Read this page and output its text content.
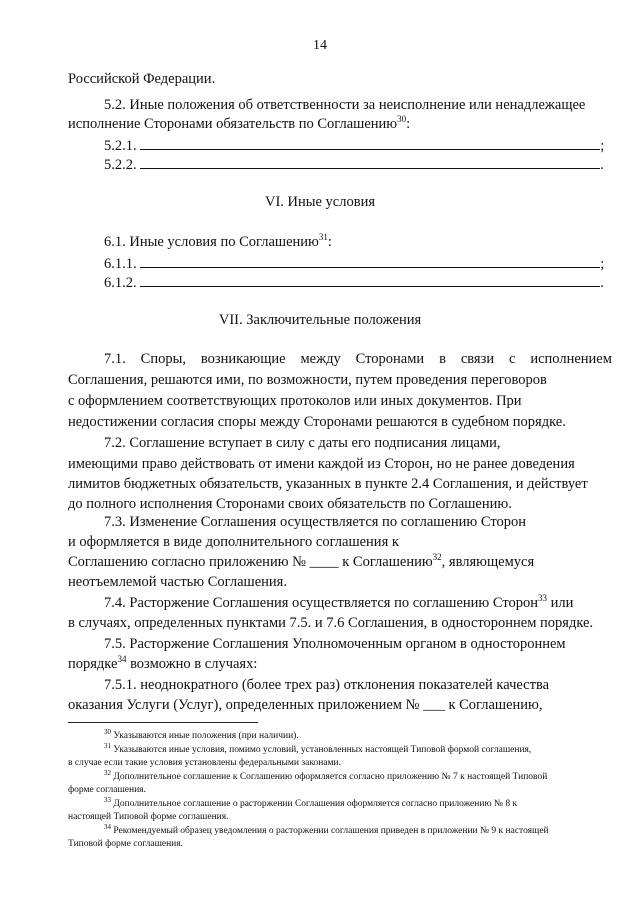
14
Российской Федерации.
5.2. Иные положения об ответственности за неисполнение или ненадлежащее
исполнение Сторонами обязательств по Соглашению$^{30}$:
5.2.1.	;
5.2.2.	.
VI. Иные условия
6.1. Иные условия по Соглашению$^{31}$:
6.1.1.	;
6.1.2.	.
VII. Заключительные положения
7.1. Споры, возникающие между Сторонами в связи с исполнением
Соглашения, решаются ими, по возможности, путем проведения переговоров
с оформлением соответствующих протоколов или иных документов. При
недостижении согласия споры между Сторонами решаются в судебном порядке.
7.2. Соглашение вступает в силу с даты его подписания лицами,
имеющими право действовать от имени каждой из Сторон, но не ранее доведения
лимитов бюджетных обязательств, указанных в пункте 2.4 Соглашения, и действует
до полного исполнения Сторонами своих обязательств по Соглашению.
7.3. Изменение Соглашения осуществляется по соглашению Сторон
и оформляется в виде дополнительного соглашения к
Соглашению согласно приложению № ____ к Соглашению$^{32}$, являющемуся
неотъемлемой частью Соглашения.
7.4. Расторжение Соглашения осуществляется по соглашению Сторон$^{33}$ или
в случаях, определенных пунктами 7.5. и 7.6 Соглашения, в одностороннем порядке.
7.5. Расторжение Соглашения Уполномоченным органом в одностороннем
порядке$^{34}$ возможно в случаях:
7.5.1. неоднократного (более трех раз) отклонения показателей качества
оказания Услуги (Услуг), определенных приложением № ___ к Соглашению,
$^{30}$ Указываются иные положения (при наличии).
$^{31}$ Указываются иные условия, помимо условий, установленных настоящей Типовой формой соглашения,
в случае если такие условия установлены федеральными законами.
$^{32}$ Дополнительное соглашение к Соглашению оформляется согласно приложению № 7 к настоящей Типовой
форме соглашения.
$^{33}$ Дополнительное соглашение о расторжении Соглашения оформляется согласно приложению № 8 к
настоящей Типовой форме соглашения.
$^{34}$ Рекомендуемый образец уведомления о расторжении соглашения приведен в приложении № 9 к настоящей
Типовой форме соглашения.
